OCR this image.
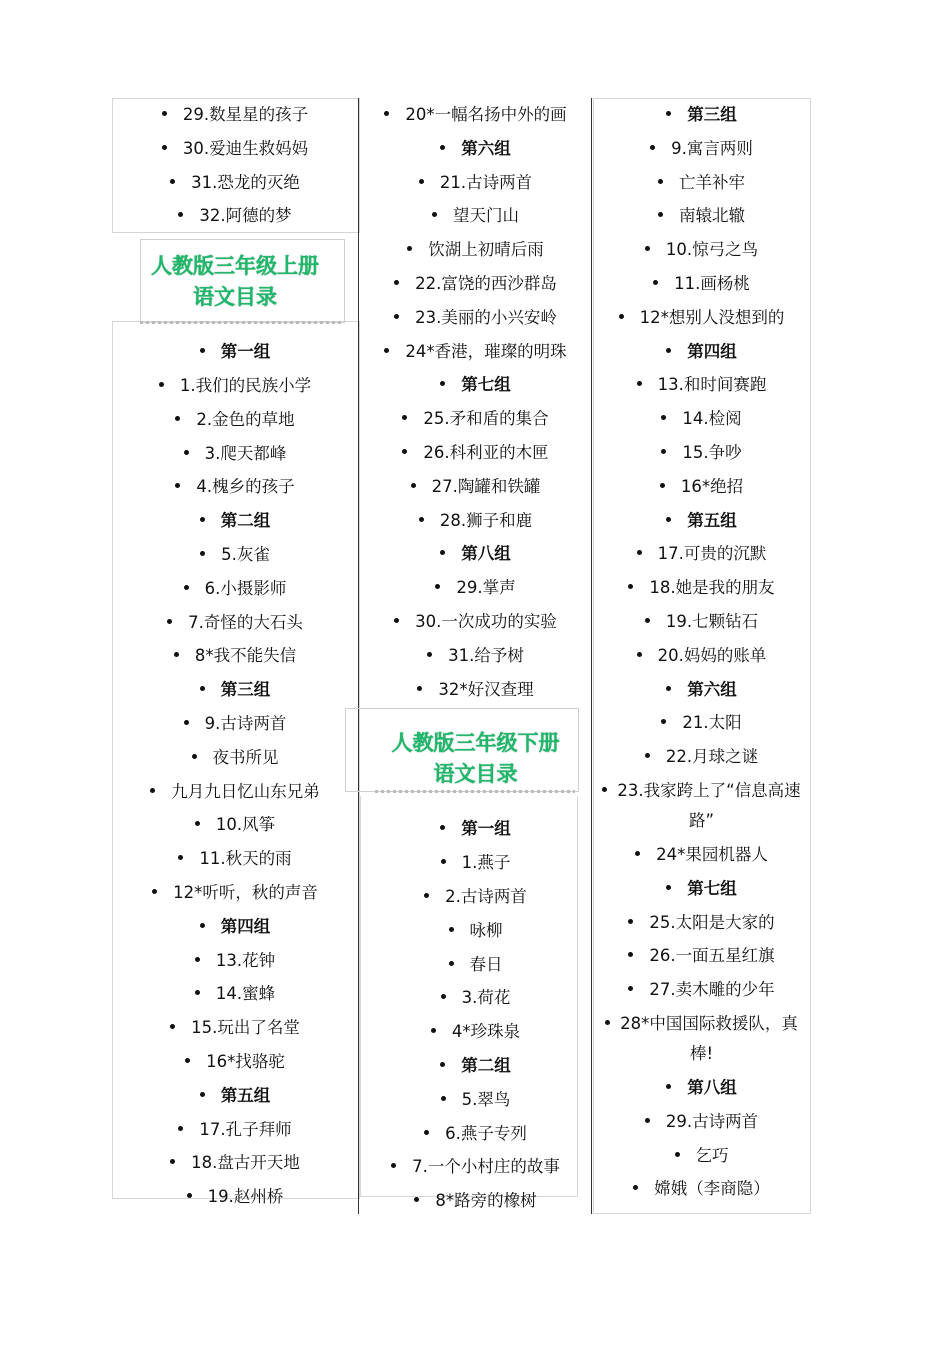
29.数星星的孩子
30.爱迪生救妈妈
31.恐龙的灭绝
32.阿德的梦
人教版三年级上册
语文目录
第一组
1.我们的民族小学
2.金色的草地
3.爬天都峰
4.槐乡的孩子
第二组
5.灰雀
6.小摄影师
7.奇怪的大石头
8*我不能失信
第三组
9.古诗两首
夜书所见
九月九日忆山东兄弟
10.风筝
11.秋天的雨
12*听听，秋的声音
第四组
13.花钟
14.蜜蜂
15.玩出了名堂
16*找骆驼
第五组
17.孔子拜师
18.盘古开天地
19.赵州桥
20*一幅名扬中外的画
第六组
21.古诗两首
望天门山
饮湖上初晴后雨
22.富饶的西沙群岛
23.美丽的小兴安岭
24*香港，璀璨的明珠
第七组
25.矛和盾的集合
26.科利亚的木匣
27.陶罐和铁罐
28.狮子和鹿
第八组
29.掌声
30.一次成功的实验
31.给予树
32*好汉查理
人教版三年级下册
语文目录
第一组
1.燕子
2.古诗两首
咏柳
春日
3.荷花
4*珍珠泉
第二组
5.翠鸟
6.燕子专列
7.一个小村庄的故事
8*路旁的橡树
第三组
9.寓言两则
亡羊补牢
南辕北辙
10.惊弓之鸟
11.画杨桃
12*想别人没想到的
第四组
13.和时间赛跑
14.检阅
15.争吵
16*绝招
第五组
17.可贵的沉默
18.她是我的朋友
19.七颗钻石
20.妈妈的账单
第六组
21.太阳
22.月球之谜
23.我家跨上了“信息高速路”
24*果园机器人
第七组
25.太阳是大家的
26.一面五星红旗
27.卖木雕的少年
28*中国国际救援队，真棒!
第八组
29.古诗两首
乞巧
嫦娥（李商隐）
